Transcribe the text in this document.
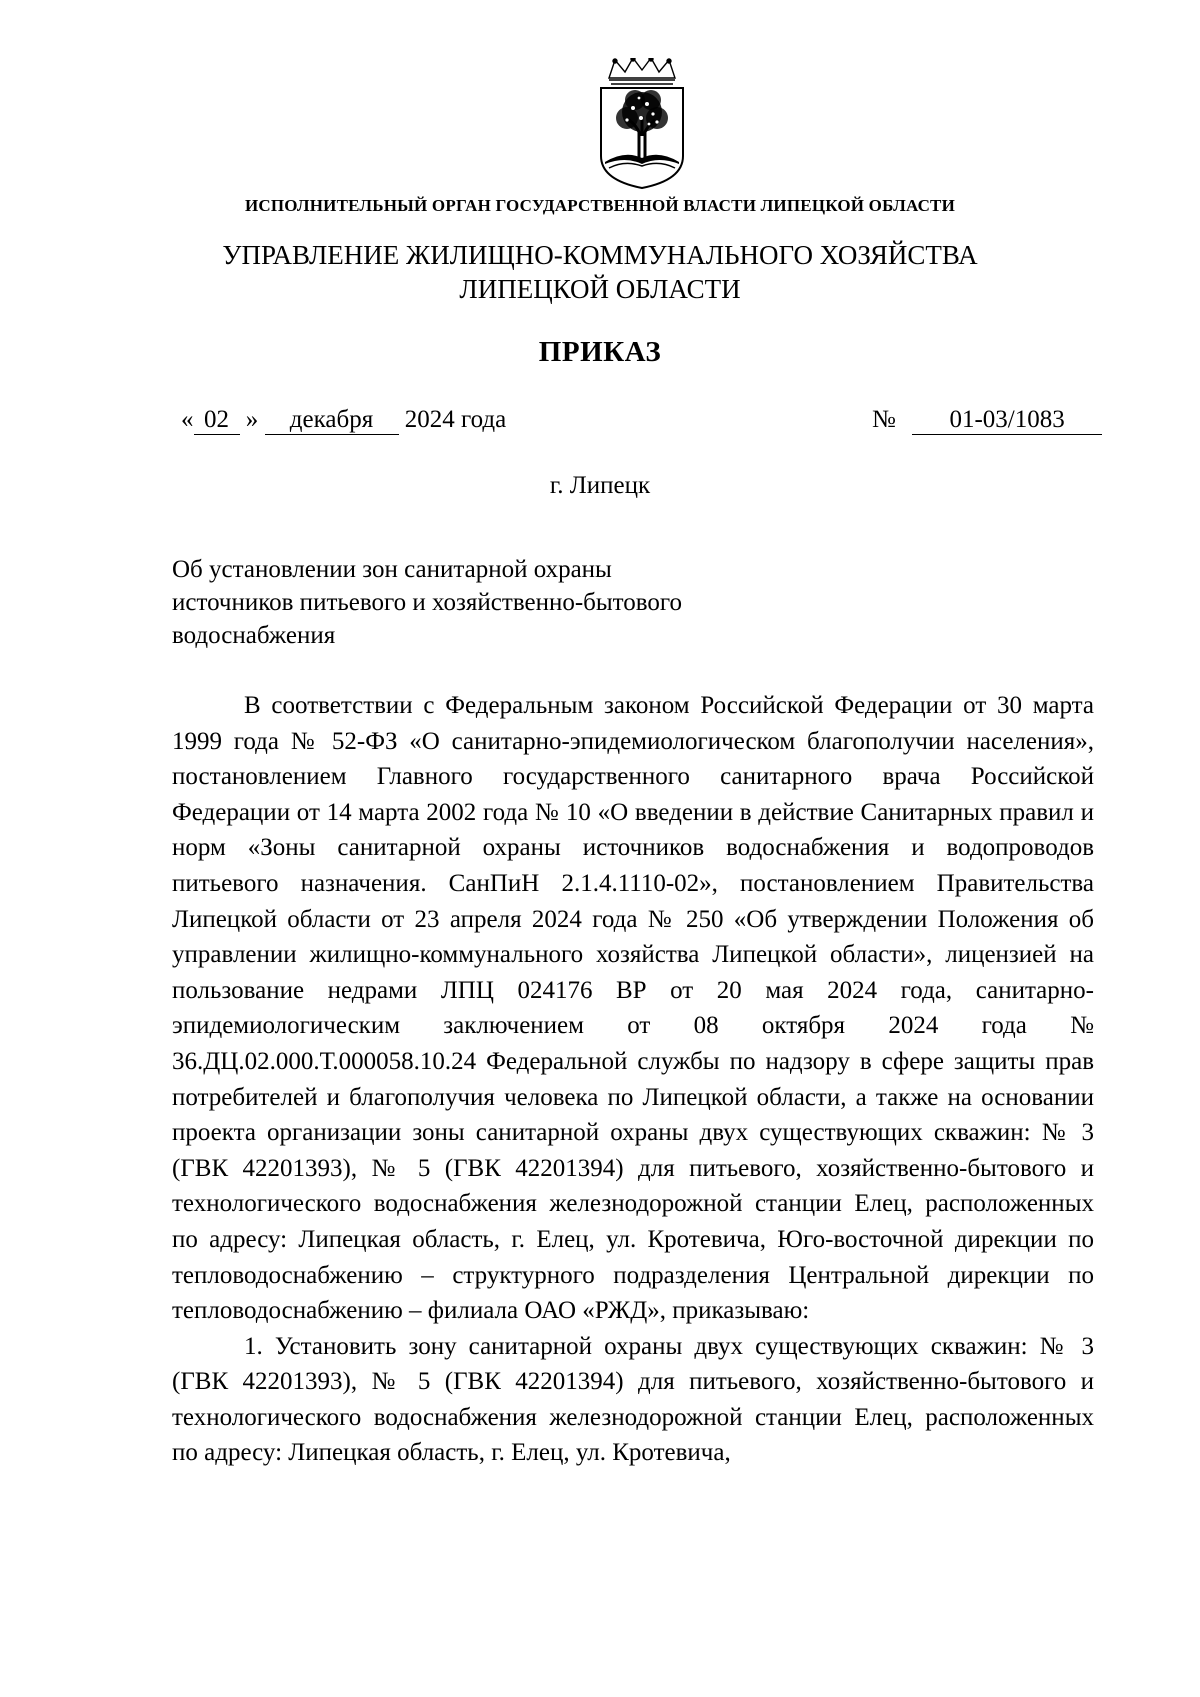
ИСПОЛНИТЕЛЬНЫЙ ОРГАН ГОСУДАРСТВЕННОЙ ВЛАСТИ ЛИПЕЦКОЙ ОБЛАСТИ
УПРАВЛЕНИЕ ЖИЛИЩНО-КОММУНАЛЬНОГО ХОЗЯЙСТВА
ЛИПЕЦКОЙ ОБЛАСТИ
ПРИКАЗ
« 02 » декабря 2024 года	№ 01-03/1083
г. Липецк
Об установлении зон санитарной охраны
источников питьевого и хозяйственно-бытового
водоснабжения

В соответствии с Федеральным законом Российской Федерации от 30 марта 1999 года № 52-ФЗ «О санитарно-эпидемиологическом благополучии населения», постановлением Главного государственного санитарного врача Российской Федерации от 14 марта 2002 года № 10 «О введении в действие Санитарных правил и норм «Зоны санитарной охраны источников водоснабжения и водопроводов питьевого назначения. СанПиН 2.1.4.1110-02», постановлением Правительства Липецкой области от 23 апреля 2024 года № 250 «Об утверждении Положения об управлении жилищно-коммунального хозяйства Липецкой области», лицензией на пользование недрами ЛПЦ 024176 ВР от 20 мая 2024 года, санитарно-эпидемиологическим заключением от 08 октября 2024 года № 36.ДЦ.02.000.Т.000058.10.24 Федеральной службы по надзору в сфере защиты прав потребителей и благополучия человека по Липецкой области, а также на основании проекта организации зоны санитарной охраны двух существующих скважин: № 3 (ГВК 42201393), № 5 (ГВК 42201394) для питьевого, хозяйственно-бытового и технологического водоснабжения железнодорожной станции Елец, расположенных по адресу: Липецкая область, г. Елец, ул. Кротевича, Юго-восточной дирекции по тепловодоснабжению – структурного подразделения Центральной дирекции по тепловодоснабжению – филиала ОАО «РЖД», приказываю:

1. Установить зону санитарной охраны двух существующих скважин: № 3 (ГВК 42201393), № 5 (ГВК 42201394) для питьевого, хозяйственно-бытового и технологического водоснабжения железнодорожной станции Елец, расположенных по адресу: Липецкая область, г. Елец, ул. Кротевича,
